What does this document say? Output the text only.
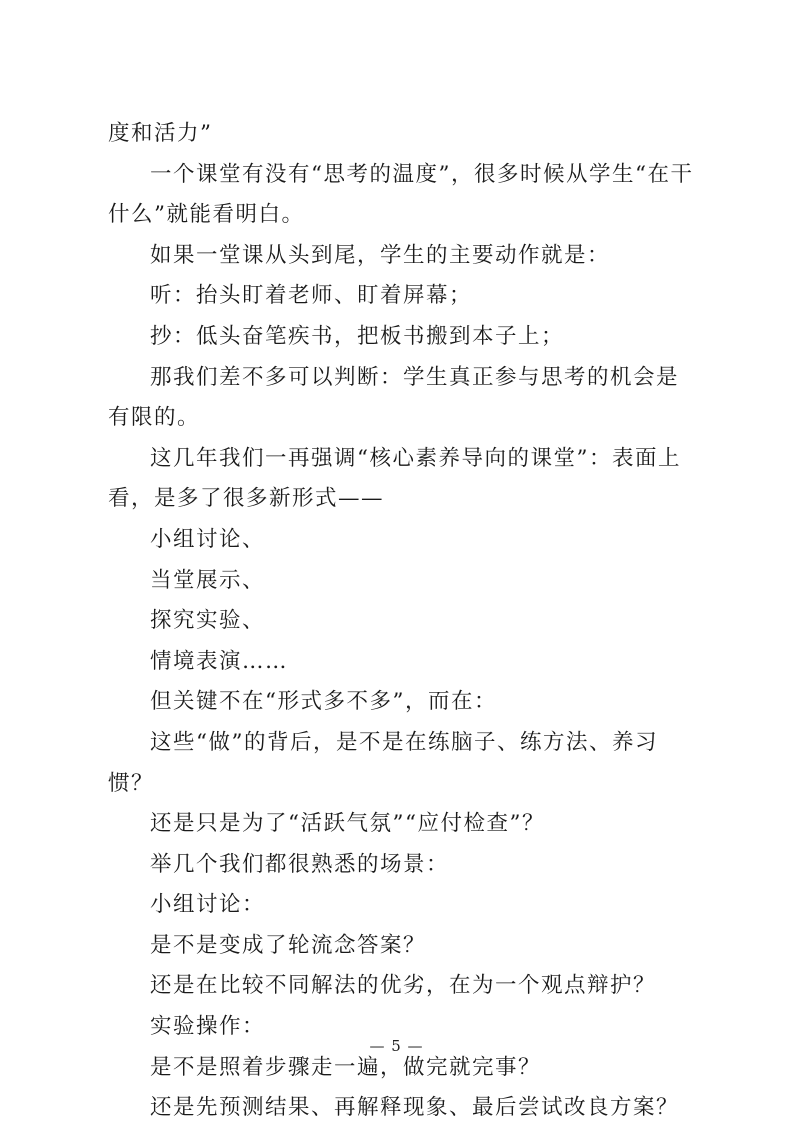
度和活力”

一个课堂有没有“思考的温度”，很多时候从学生“在干什么”就能看明白。

如果一堂课从头到尾，学生的主要动作就是：

听：抬头盯着老师、盯着屏幕；

抄：低头奋笔疾书，把板书搬到本子上；

那我们差不多可以判断：学生真正参与思考的机会是有限的。

这几年我们一再强调“核心素养导向的课堂”：表面上看，是多了很多新形式——

小组讨论、

当堂展示、

探究实验、

情境表演……

但关键不在“形式多不多”，而在：

这些“做”的背后，是不是在练脑子、练方法、养习惯？

还是只是为了“活跃气氛”“应付检查”？

举几个我们都很熟悉的场景：

小组讨论：

是不是变成了轮流念答案？

还是在比较不同解法的优劣，在为一个观点辩护？

实验操作：

是不是照着步骤走一遍，做完就完事？

还是先预测结果、再解释现象、最后尝试改良方案？

— 5 —
